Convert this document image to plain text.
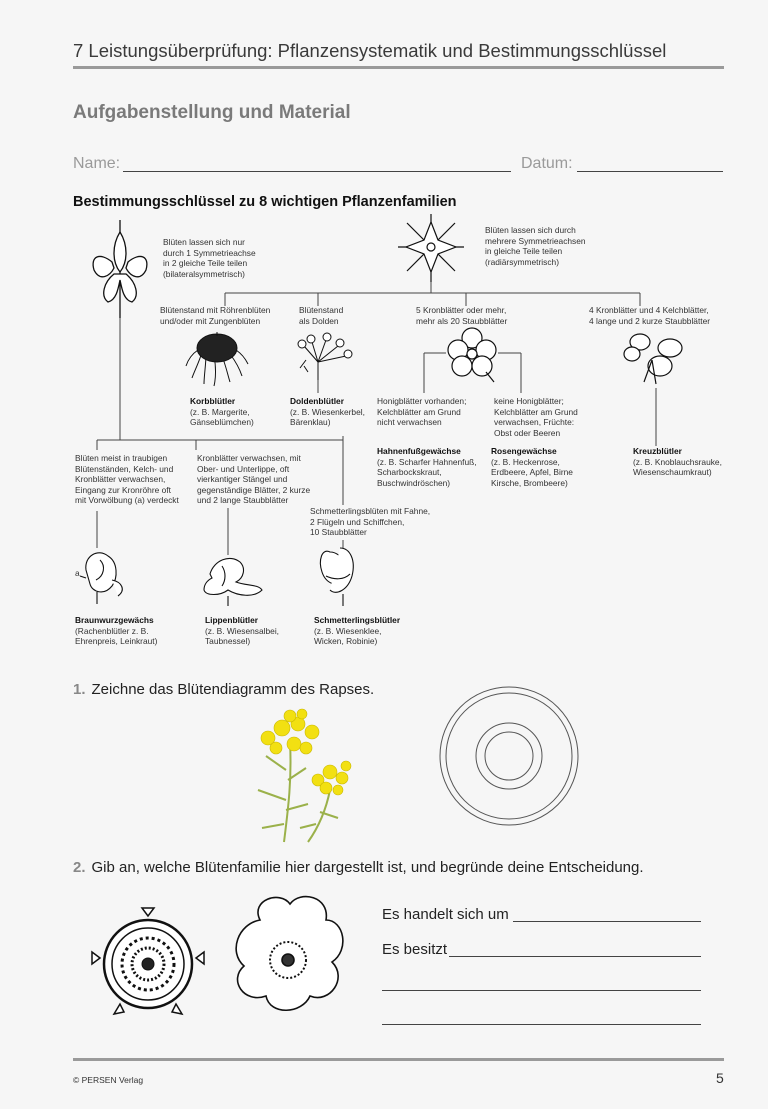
7 Leistungsüberprüfung: Pflanzensystematik und Bestimmungsschlüssel
Aufgabenstellung und Material
Name:	Datum:
Bestimmungsschlüssel zu 8 wichtigen Pflanzenfamilien
Blüten lassen sich nur
durch 1 Symmetrieachse
in 2 gleiche Teile teilen
(bilateralsymmetrisch)
Blüten lassen sich durch
mehrere Symmetrieachsen
in gleiche Teile teilen
(radiärsymmetrisch)
Blütenstand mit Röhrenblüten
und/oder mit Zungenblüten
Blütenstand
als Dolden
5 Kronblätter oder mehr,
mehr als 20 Staubblätter
4 Kronblätter und 4 Kelchblätter,
4 lange und 2 kurze Staubblätter
Korbblütler
(z. B. Margerite,
Gänseblümchen)
Doldenblütler
(z. B. Wiesenkerbel,
Bärenklau)
Honigblätter vorhanden;
Kelchblätter am Grund
nicht verwachsen
keine Honigblätter;
Kelchblätter am Grund
verwachsen, Früchte:
Obst oder Beeren
Hahnenfußgewächse
(z. B. Scharfer Hahnenfuß,
Scharbockskraut,
Buschwindröschen)
Rosengewächse
(z. B. Heckenrose,
Erdbeere, Apfel, Birne
Kirsche, Brombeere)
Kreuzblütler
(z. B. Knoblauchsrauke,
Wiesenschaumkraut)
Blüten meist in traubigen
Blütenständen, Kelch- und
Kronblätter verwachsen,
Eingang zur Kronröhre oft
mit Vorwölbung (a) verdeckt
Kronblätter verwachsen, mit
Ober- und Unterlippe, oft
vierkantiger Stängel und
gegenständige Blätter, 2 kurze
und 2 lange Staubblätter
Schmetterlingsblüten mit Fahne,
2 Flügeln und Schiffchen,
10 Staubblätter
a
Braunwurzgewächs
(Rachenblütler z. B.
Ehrenpreis, Leinkraut)
Lippenblütler
(z. B. Wiesensalbei,
Taubnessel)
Schmetterlingsblütler
(z. B. Wiesenklee,
Wicken, Robinie)
1. Zeichne das Blütendiagramm des Rapses.
2. Gib an, welche Blütenfamilie hier dargestellt ist, und begründe deine Entscheidung.
Es handelt sich um
Es besitzt
© PERSEN Verlag	5
